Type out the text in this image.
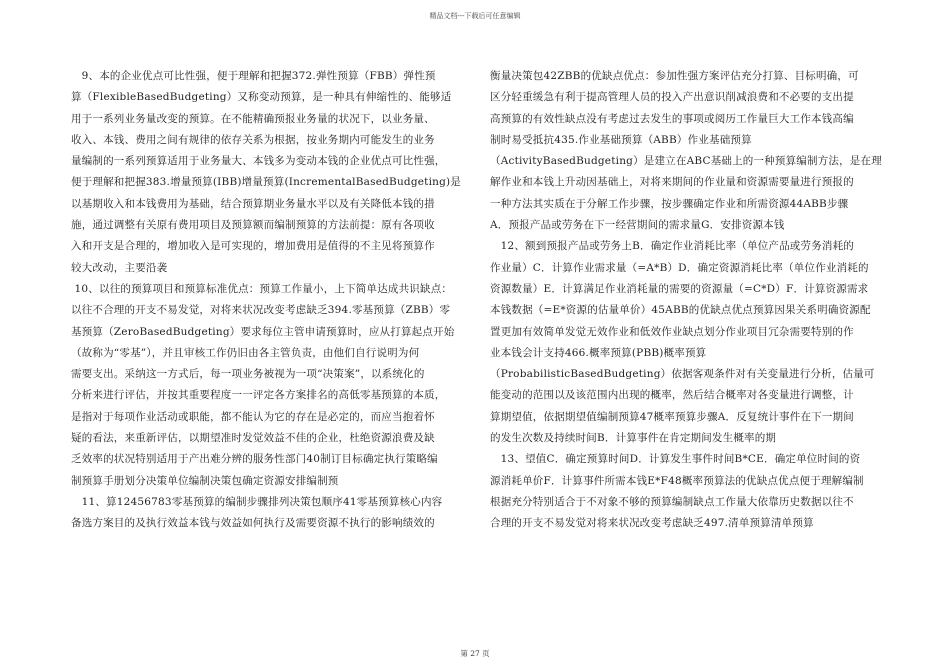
精品文档---下载后可任意编辑
9、本的企业优点可比性强，便于理解和把握372.弹性预算（FBB）弹性预
算（FlexibleBasedBudgeting）又称变动预算，是一种具有伸缩性的、能够适
用于一系列业务量改变的预算。在不能精确预报业务量的状况下，以业务量、
收入、本钱、费用之间有规律的依存关系为根据，按业务期内可能发生的业务
量编制的一系列预算适用于业务量大、本钱多为变动本钱的企业优点可比性强，
便于理解和把握383.增量预算(IBB)增量预算(IncrementalBasedBudgeting)是
以基期收入和本钱费用为基础，结合预算期业务量水平以及有关降低本钱的措
施，通过调整有关原有费用项目及预算额而编制预算的方法前提：原有各项收
入和开支是合理的，增加收入是可实现的，增加费用是值得的不主见将预算作
较大改动，主要沿袭
10、以往的预算项目和预算标准优点：预算工作量小，上下简单达成共识缺点：
以往不合理的开支不易发觉，对将来状况改变考虑缺乏394.零基预算（ZBB）零
基预算（ZeroBasedBudgeting）要求每位主管申请预算时，应从打算起点开始
（故称为“零基”），并且审核工作仍旧由各主管负责，由他们自行说明为何
需要支出。采纳这一方式后，每一项业务被视为一项“决策案”，以系统化的
分析来进行评估，并按其重要程度一一评定各方案排名的高低零基预算的本质，
是指对于每项作业活动或职能，都不能认为它的存在是必定的，而应当抱着怀
疑的看法，来重新评估，以期望准时发觉效益不佳的企业，杜绝资源浪费及缺
乏效率的状况特别适用于产出难分辨的服务性部门40制订目标确定执行策略编
制预算手册划分决策单位编制决策包确定资源安排编制预
11、算12456783零基预算的编制步骤排列决策包顺序41零基预算核心内容
备选方案目的及执行效益本钱与效益如何执行及需要资源不执行的影响绩效的
衡量决策包42ZBB的优缺点优点：参加性强方案评估充分打算、目标明确，可
区分轻重缓急有利于提高管理人员的投入产出意识削减浪费和不必要的支出提
高预算的有效性缺点没有考虑过去发生的事项或阅历工作量巨大工作本钱高编
制时易受抵抗435.作业基础预算（ABB）作业基础预算
（ActivityBasedBudgeting）是建立在ABC基础上的一种预算编制方法，是在理
解作业和本钱上升动因基础上，对将来期间的作业量和资源需要量进行预报的
一种方法其实质在于分解工作步骤，按步骤确定作业和所需资源44ABB步骤
A．预报产品或劳务在下一经营期间的需求量G．安排资源本钱
12、额到预报产品或劳务上B．确定作业消耗比率（单位产品或劳务消耗的
作业量）C．计算作业需求量（=A*B）D．确定资源消耗比率（单位作业消耗的
资源数量）E．计算满足作业消耗量的需要的资源量（=C*D）F．计算资源需求
本钱数据（=E*资源的估量单价）45ABB的优缺点优点预算因果关系明确资源配
置更加有效简单发觉无效作业和低效作业缺点划分作业项目冗杂需要特别的作
业本钱会计支持466.概率预算(PBB)概率预算
（ProbabilisticBasedBudgeting）依据客观条件对有关变量进行分析，估量可
能变动的范围以及该范围内出现的概率，然后结合概率对各变量进行调整，计
算期望值，依据期望值编制预算47概率预算步骤A．反复统计事件在下一期间
的发生次数及持续时间B．计算事件在肯定期间发生概率的期
13、望值C．确定预算时间D．计算发生事件时间B*CE．确定单位时间的资
源消耗单价F．计算事件所需本钱E*F48概率预算法的优缺点优点便于理解编制
根据充分特别适合于不对象不够的预算编制缺点工作量大依靠历史数据以往不
合理的开支不易发觉对将来状况改变考虑缺乏497.清单预算清单预算
第 27 页
